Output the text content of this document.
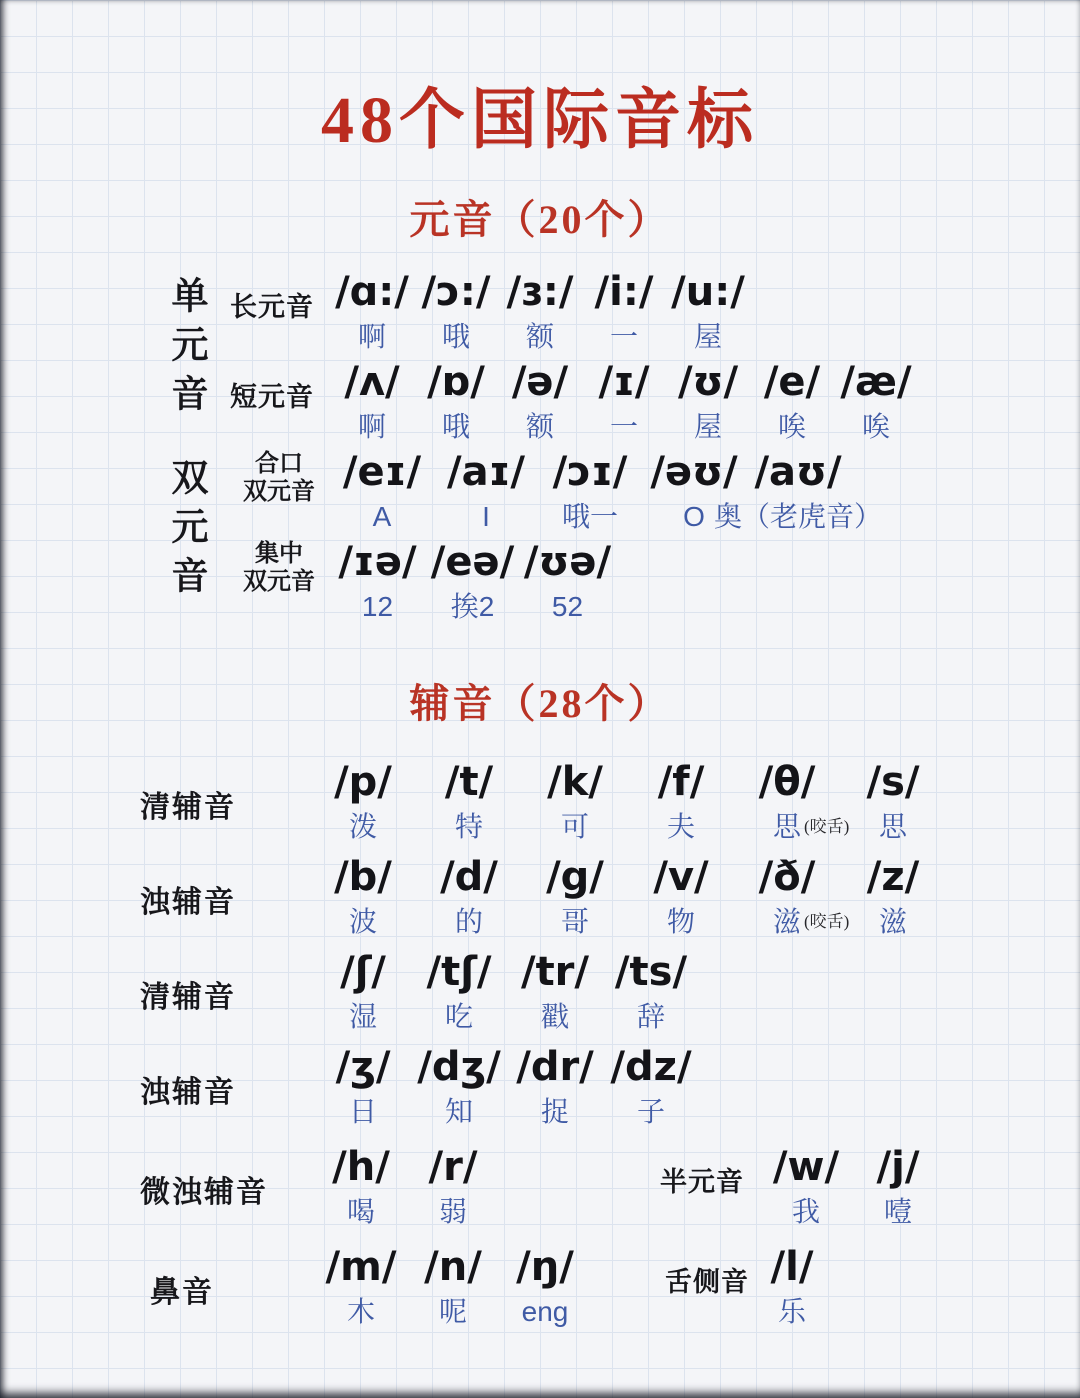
48个国际音标
元音（20个）
辅音（28个）
单元音
双元音
长元音
短元音
合口
双元音
集中
双元音
/ɑ:/
啊
/ɔ:/
哦
/ɜ:/
额
/i:/
一
/u:/
屋
/ʌ/
啊
/ɒ/
哦
/ə/
额
/ɪ/
一
/ʊ/
屋
/e/
唉
/æ/
唉
/eɪ/
A
/aɪ/
I
/ɔɪ/
哦一
/əʊ/
O
/aʊ/
奥（老虎音）
/ɪə/
12
/eə/
挨2
/ʊə/
52
清辅音
浊辅音
清辅音
浊辅音
微浊辅音
鼻音
半元音
舌侧音
/p/
泼
/t/
特
/k/
可
/f/
夫
/θ/
思 (咬舌)
/s/
思
/b/
波
/d/
的
/g/
哥
/v/
物
/ð/
滋 (咬舌)
/z/
滋
/ʃ/
湿
/tʃ/
吃
/tr/
戳
/ts/
辞
/ʒ/
日
/dʒ/
知
/dr/
捉
/dz/
子
/h/
喝
/r/
弱
/w/
我
/j/
噎
/m/
木
/n/
呢
/ŋ/
eng
/l/
乐
